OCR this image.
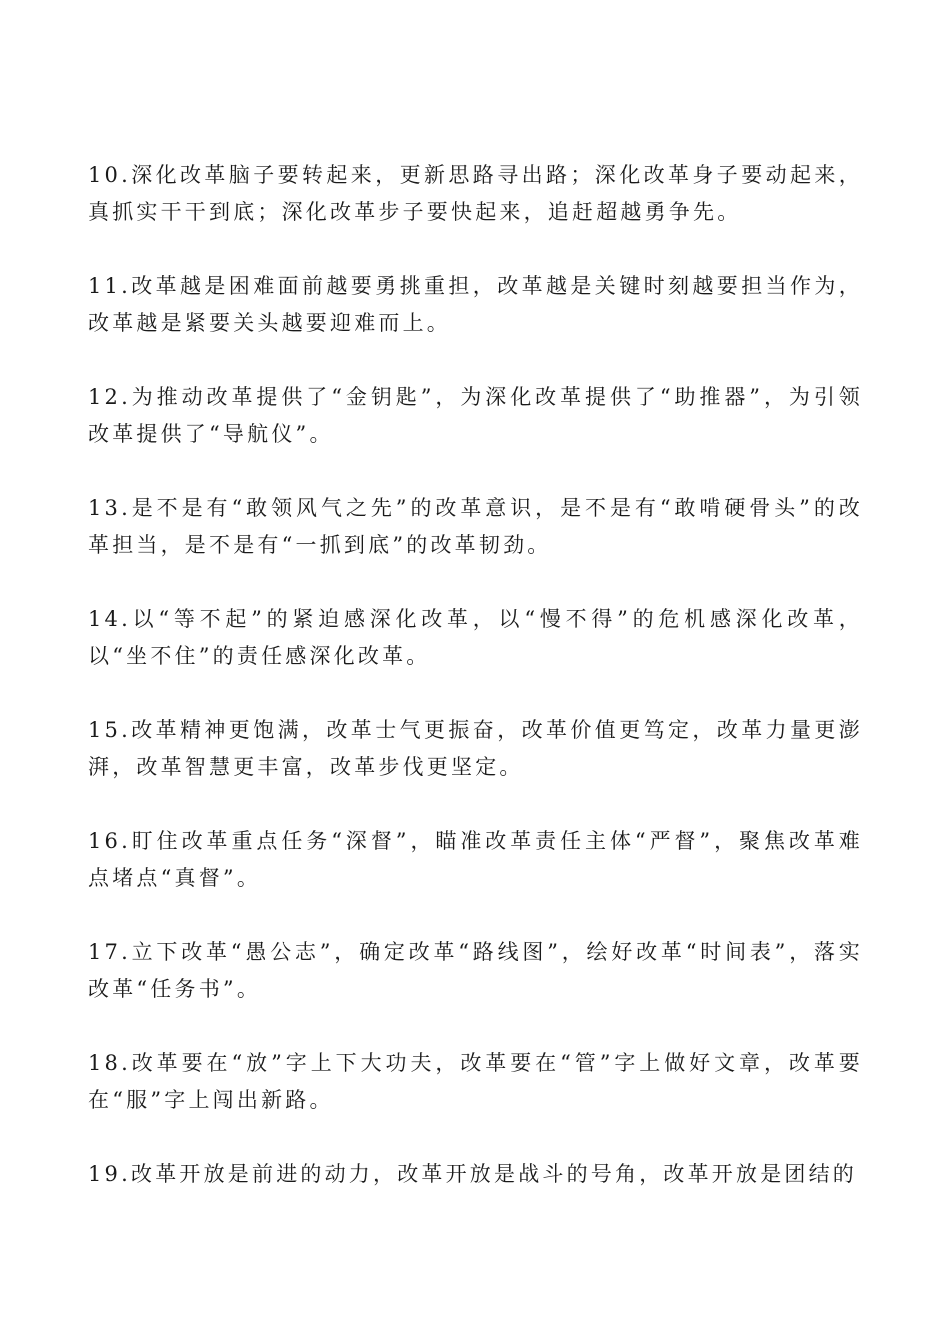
10.深化改革脑子要转起来，更新思路寻出路；深化改革身子要动起来，真抓实干干到底；深化改革步子要快起来，追赶超越勇争先。

11.改革越是困难面前越要勇挑重担，改革越是关键时刻越要担当作为，改革越是紧要关头越要迎难而上。

12.为推动改革提供了“金钥匙”，为深化改革提供了“助推器”，为引领改革提供了“导航仪”。

13.是不是有“敢领风气之先”的改革意识，是不是有“敢啃硬骨头”的改革担当，是不是有“一抓到底”的改革韧劲。

14.以“等不起”的紧迫感深化改革，以“慢不得”的危机感深化改革，以“坐不住”的责任感深化改革。

15.改革精神更饱满，改革士气更振奋，改革价值更笃定，改革力量更澎湃，改革智慧更丰富，改革步伐更坚定。

16.盯住改革重点任务“深督”，瞄准改革责任主体“严督”，聚焦改革难点堵点“真督”。

17.立下改革“愚公志”，确定改革“路线图”，绘好改革“时间表”，落实改革“任务书”。

18.改革要在“放”字上下大功夫，改革要在“管”字上做好文章，改革要在“服”字上闯出新路。

19.改革开放是前进的动力，改革开放是战斗的号角，改革开放是团结的
